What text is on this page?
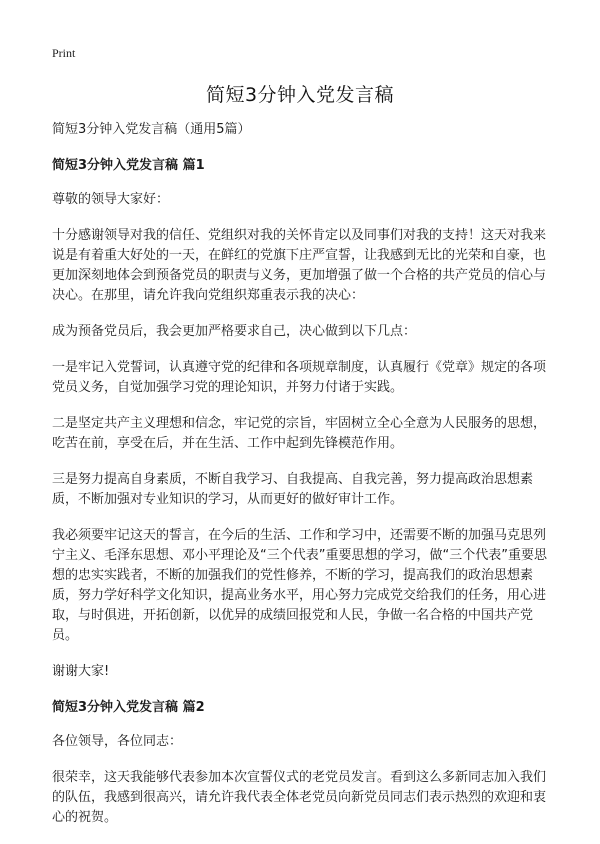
Print
简短3分钟入党发言稿

简短3分钟入党发言稿（通用5篇）

简短3分钟入党发言稿 篇1

尊敬的领导大家好：

十分感谢领导对我的信任、党组织对我的关怀肯定以及同事们对我的支持！这天对我来说是有着重大好处的一天，在鲜红的党旗下庄严宣誓，让我感到无比的光荣和自豪，也更加深刻地体会到预备党员的职责与义务，更加增强了做一个合格的共产党员的信心与决心。在那里，请允许我向党组织郑重表示我的决心：

成为预备党员后，我会更加严格要求自己，决心做到以下几点：

一是牢记入党誓词，认真遵守党的纪律和各项规章制度，认真履行《党章》规定的各项党员义务，自觉加强学习党的理论知识，并努力付诸于实践。

二是坚定共产主义理想和信念，牢记党的宗旨，牢固树立全心全意为人民服务的思想，吃苦在前，享受在后，并在生活、工作中起到先锋模范作用。

三是努力提高自身素质，不断自我学习、自我提高、自我完善，努力提高政治思想素质，不断加强对专业知识的学习，从而更好的做好审计工作。

我必须要牢记这天的誓言，在今后的生活、工作和学习中，还需要不断的加强马克思列宁主义、毛泽东思想、邓小平理论及“三个代表”重要思想的学习，做“三个代表”重要思想的忠实实践者，不断的加强我们的党性修养，不断的学习，提高我们的政治思想素质，努力学好科学文化知识，提高业务水平，用心努力完成党交给我们的任务，用心进取，与时俱进，开拓创新，以优异的成绩回报党和人民，争做一名合格的中国共产党员。

谢谢大家!

简短3分钟入党发言稿 篇2

各位领导，各位同志：

很荣幸，这天我能够代表参加本次宣誓仪式的老党员发言。看到这么多新同志加入我们的队伍，我感到很高兴，请允许我代表全体老党员向新党员同志们表示热烈的欢迎和衷心的祝贺。
